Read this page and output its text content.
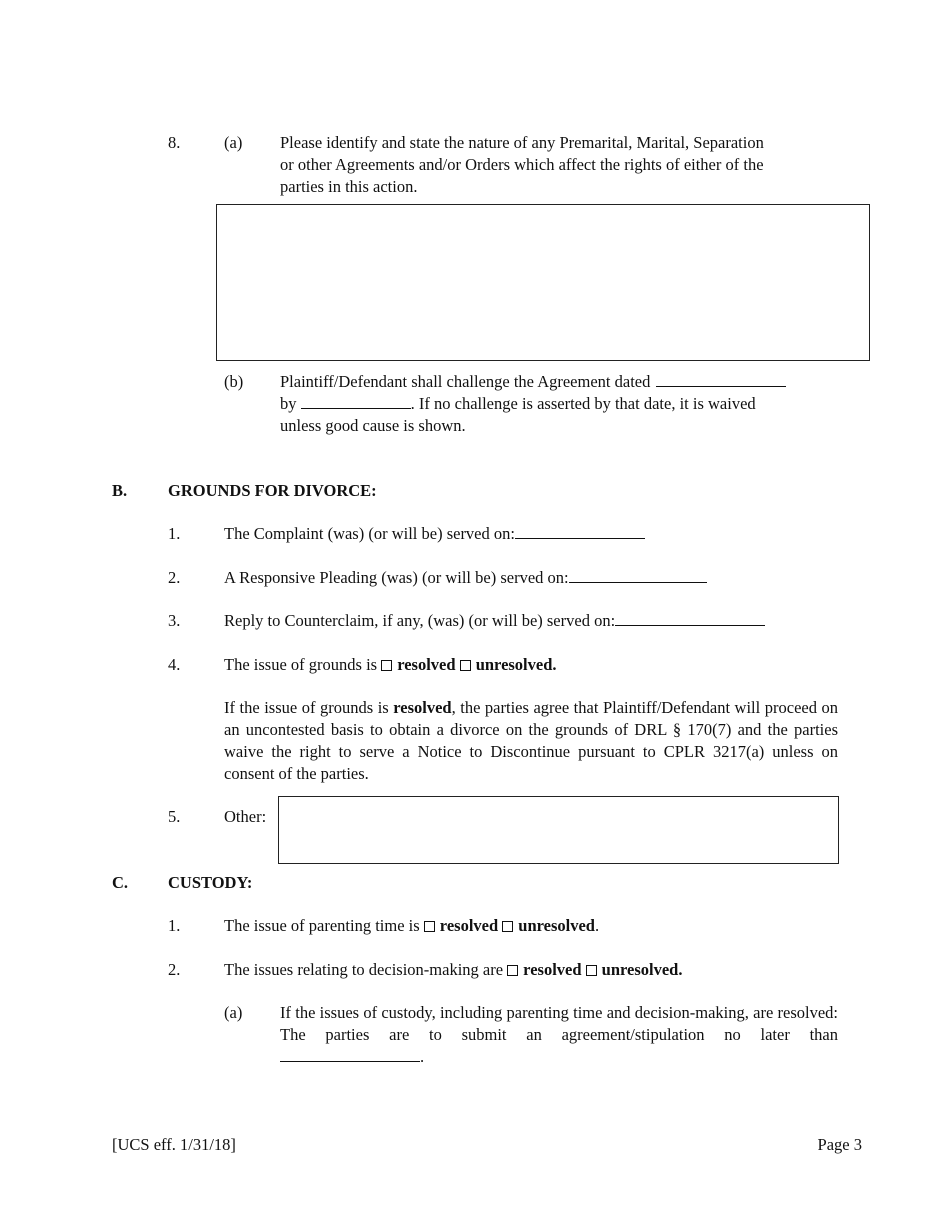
8.	(a) Please identify and state the nature of any Premarital, Marital, Separation
or other Agreements and/or Orders which affect the rights of either of the
parties in this action.
(b) Plaintiff/Defendant shall challenge the Agreement dated
by	. If no challenge is asserted by that date, it is waived
unless good cause is shown.
B. GROUNDS FOR DIVORCE:
1.	The Complaint (was) (or will be) served on:
2.	A Responsive Pleading (was) (or will be) served on:
3.	Reply to Counterclaim, if any, (was) (or will be) served on:
4.	The issue of grounds is resolved unresolved.
If the issue of grounds is resolved, the parties agree that Plaintiff/Defendant will proceed on an uncontested basis to obtain a divorce on the grounds of DRL § 170(7) and the parties waive the right to serve a Notice to Discontinue pursuant to CPLR 3217(a) unless on consent of the parties.
5.	Other:
C. CUSTODY:
1.	The issue of parenting time is resolved unresolved.
2.	The issues relating to decision-making are resolved unresolved.
(a) If the issues of custody, including parenting time and decision-making, are resolved: The parties are to submit an agreement/stipulation no later than .
[UCS eff. 1/31/18]	Page 3
